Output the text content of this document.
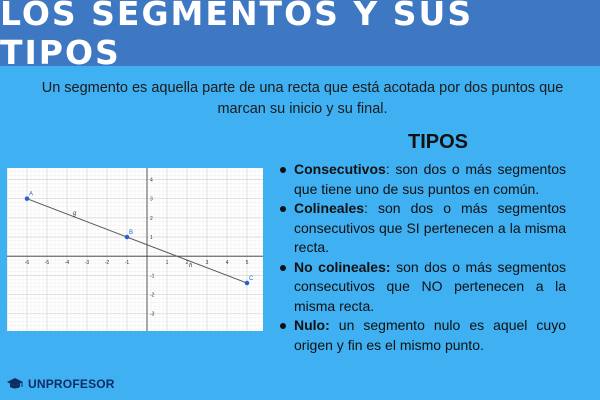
LOS SEGMENTOS Y SUS TIPOS
Un segmento es aquella parte de una recta que está acotada por dos puntos que marcan su inicio y su final.
TIPOS
-6	-5	-4	-3	-2	-1	1	2	3	4	5
4
3
2
1
-1
-2
-3
g
h
A
B
C
Consecutivos: son dos o más segmentos que tiene uno de sus puntos en común.
Colineales: son dos o más segmentos consecutivos que SI pertenecen a la misma recta.
No colineales: son dos o más segmentos consecutivos que NO pertenecen a la misma recta.
Nulo: un segmento nulo es aquel cuyo origen y fin es el mismo punto.
UNPROFESOR
